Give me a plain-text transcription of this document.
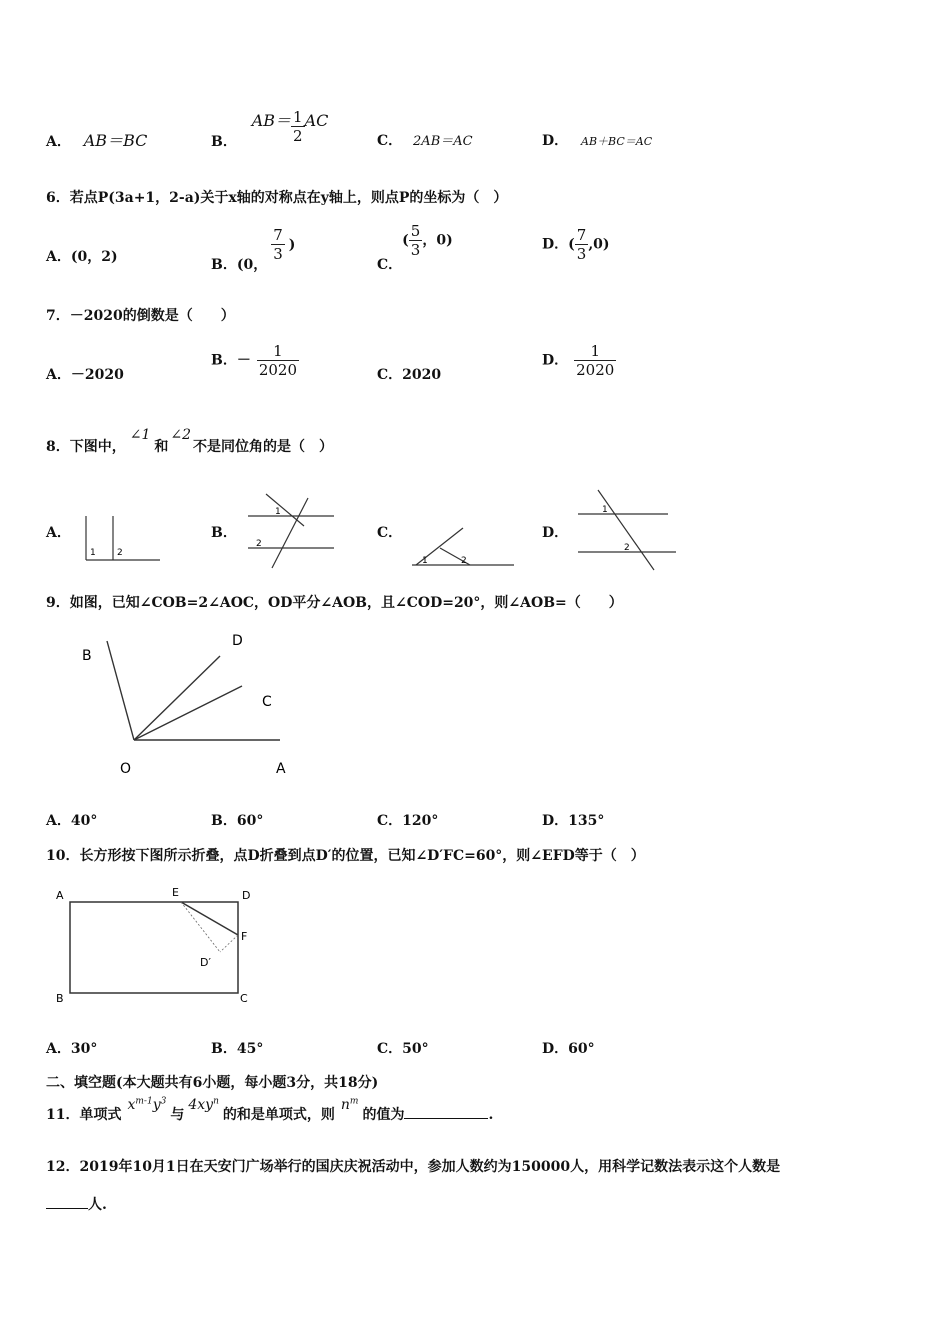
A． AB＝BC	B． $AB= \frac{1}{2}$ AC
C． 2AB＝AC	D． AB＋BC＝AC
6．若点P(3a+1，2-a)关于x轴的对称点在y轴上，则点P的坐标为（　）
A．(0，2)	B．(0，
$\frac{7}{3}$ )
C．( $\frac{5}{3}$ ，0)	D．( $\frac{7}{3} ,0$)
7．－2020的倒数是（　　）
A．－2020
B．－ $\frac{1}{2020}$	C．2020
D． $\frac{1}{2020}$
8．下图中，∠1和∠2不是同位角的是（　）
A．
1 2
B．
1
2
C．
1	2
D．
1
2
9．如图，已知∠COB=2∠AOC，OD平分∠AOB，且∠COD=20°，则∠AOB=（　　）
B
D
C
O	A
A．40°	B．60°	C．120°	D．135°
10．长方形按下图所示折叠，点D折叠到点D′的位置，已知∠D′FC=60°，则∠EFD等于（　）
A	E	D
F
D′
B	C
A．30°	B．45°	C．50°	D．60°
二、填空题(本大题共有6小题，每小题3分，共18分)
11．单项式$x^{m-1}y^3$与$4xy^n$的和是单项式，则$n^m$的值为	.
12．2019年10月1日在天安门广场举行的国庆庆祝活动中，参加人数约为150000人，用科学记数法表示这个人数是
人.
